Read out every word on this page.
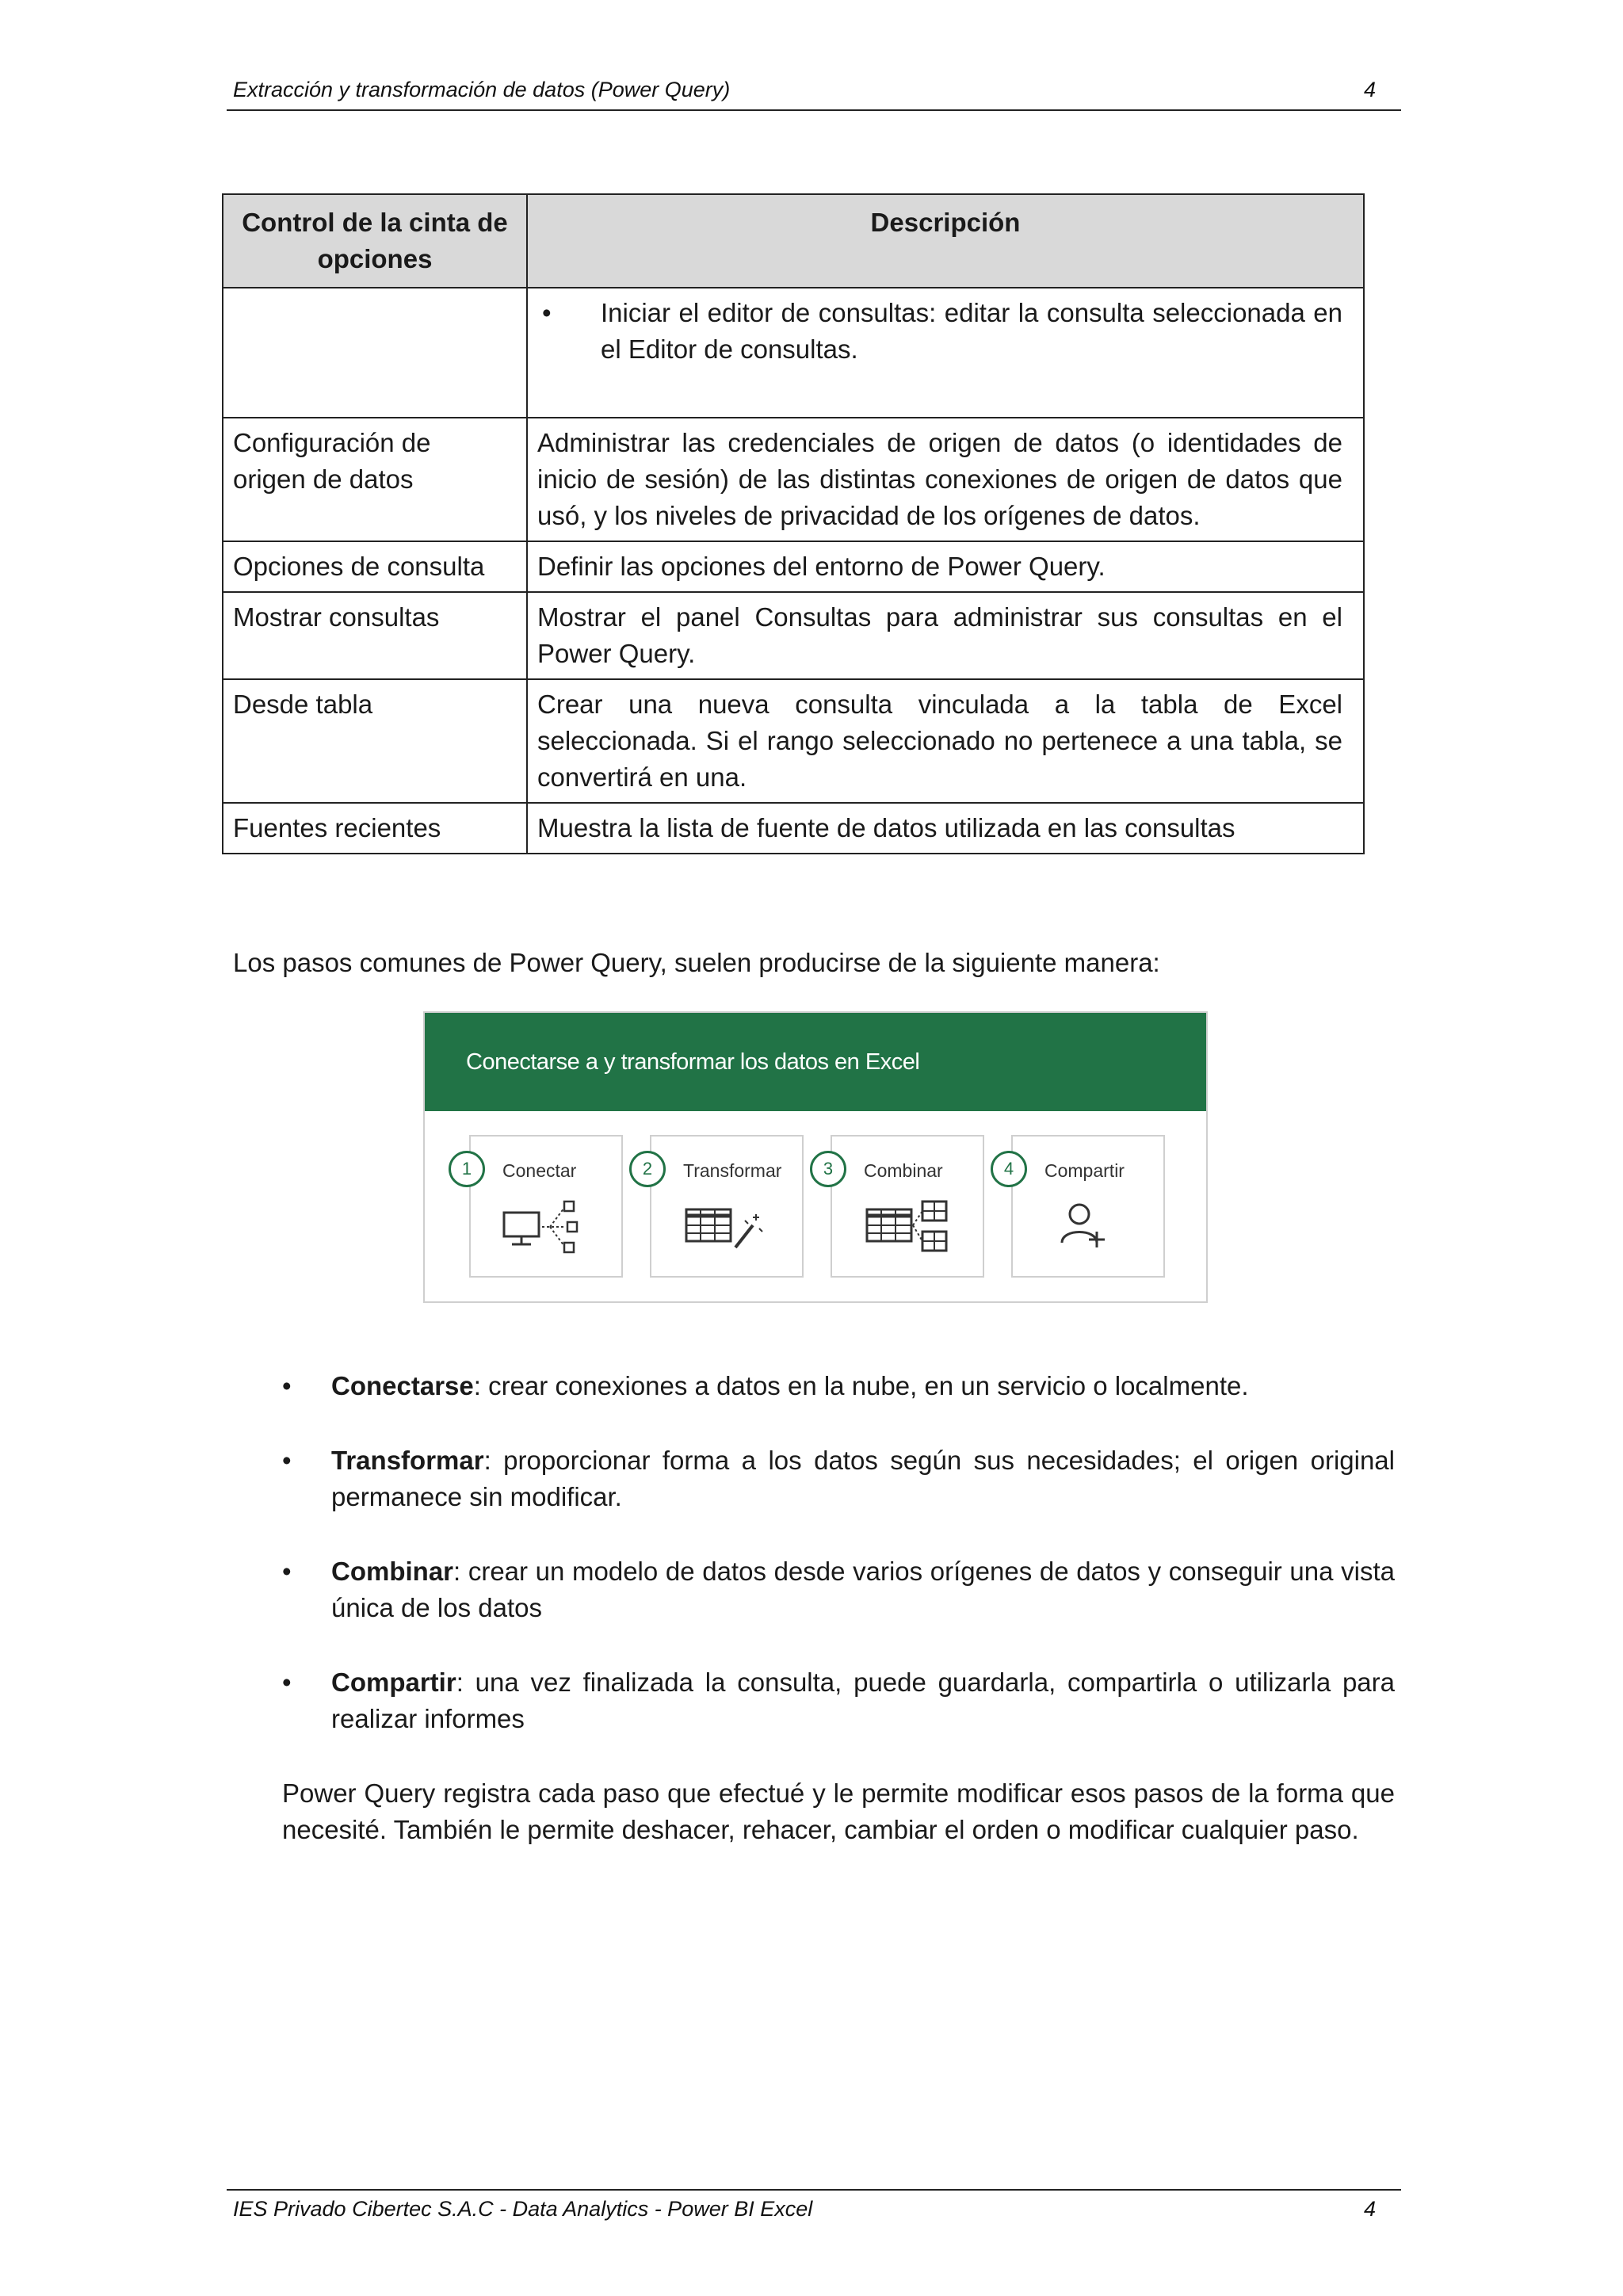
Extracción y transformación de datos (Power Query)	4
Control de la cinta de opciones	Descripción

	• Iniciar el editor de consultas: editar la consulta seleccionada en el Editor de consultas.

Configuración de origen de datos	Administrar las credenciales de origen de datos (o identidades de inicio de sesión) de las distintas conexiones de origen de datos que usó, y los niveles de privacidad de los orígenes de datos.
Opciones de consulta	Definir las opciones del entorno de Power Query.
Mostrar consultas	Mostrar el panel Consultas para administrar sus consultas en el Power Query.
Desde tabla	Crear una nueva consulta vinculada a la tabla de Excel seleccionada. Si el rango seleccionado no pertenece a una tabla, se convertirá en una.
Fuentes recientes	Muestra la lista de fuente de datos utilizada en las consultas
Los pasos comunes de Power Query, suelen producirse de la siguiente manera:
Conectarse a y transformar los datos en Excel
1	Conectar	2	Transformar	3	Combinar	4	Compartir
• Conectarse: crear conexiones a datos en la nube, en un servicio o localmente.
• Transformar: proporcionar forma a los datos según sus necesidades; el origen original permanece sin modificar.
• Combinar: crear un modelo de datos desde varios orígenes de datos y conseguir una vista única de los datos
• Compartir: una vez finalizada la consulta, puede guardarla, compartirla o utilizarla para realizar informes
Power Query registra cada paso que efectué y le permite modificar esos pasos de la forma que necesité. También le permite deshacer, rehacer, cambiar el orden o modificar cualquier paso.
IES Privado Cibertec S.A.C - Data Analytics - Power BI Excel	4
